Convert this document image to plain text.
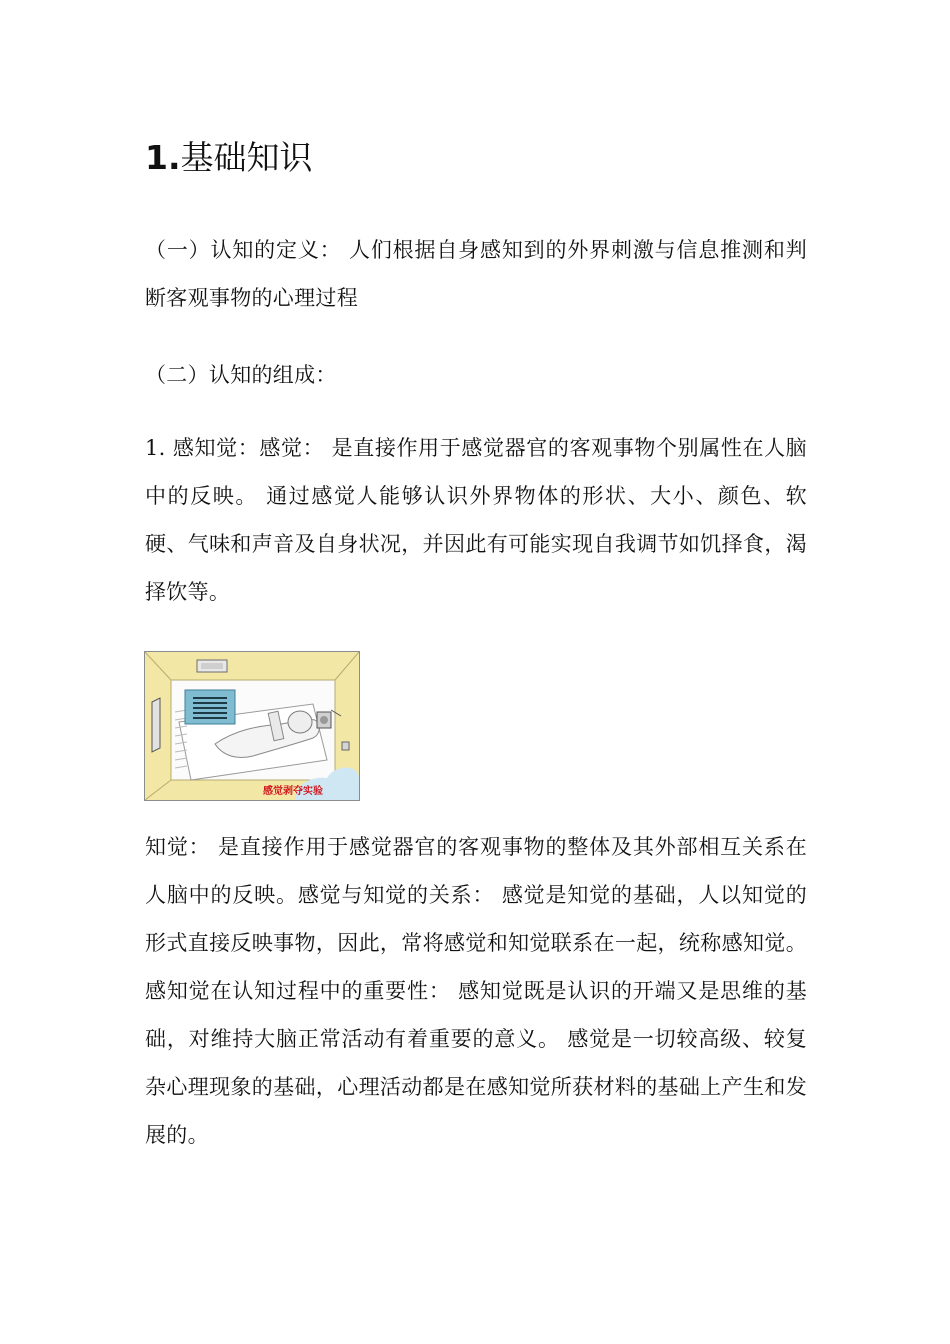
1.基础知识

（一）认知的定义： 人们根据自身感知到的外界刺激与信息推测和判断客观事物的心理过程

（二）认知的组成：

1. 感知觉：感觉： 是直接作用于感觉器官的客观事物个别属性在人脑中的反映。 通过感觉人能够认识外界物体的形状、大小、颜色、软硬、气味和声音及自身状况，并因此有可能实现自我调节如饥择食，渴择饮等。

感觉剥夺实验

知觉： 是直接作用于感觉器官的客观事物的整体及其外部相互关系在人脑中的反映。感觉与知觉的关系： 感觉是知觉的基础，人以知觉的形式直接反映事物，因此，常将感觉和知觉联系在一起，统称感知觉。 感知觉在认知过程中的重要性： 感知觉既是认识的开端又是思维的基础，对维持大脑正常活动有着重要的意义。 感觉是一切较高级、较复杂心理现象的基础，心理活动都是在感知觉所获材料的基础上产生和发展的。
